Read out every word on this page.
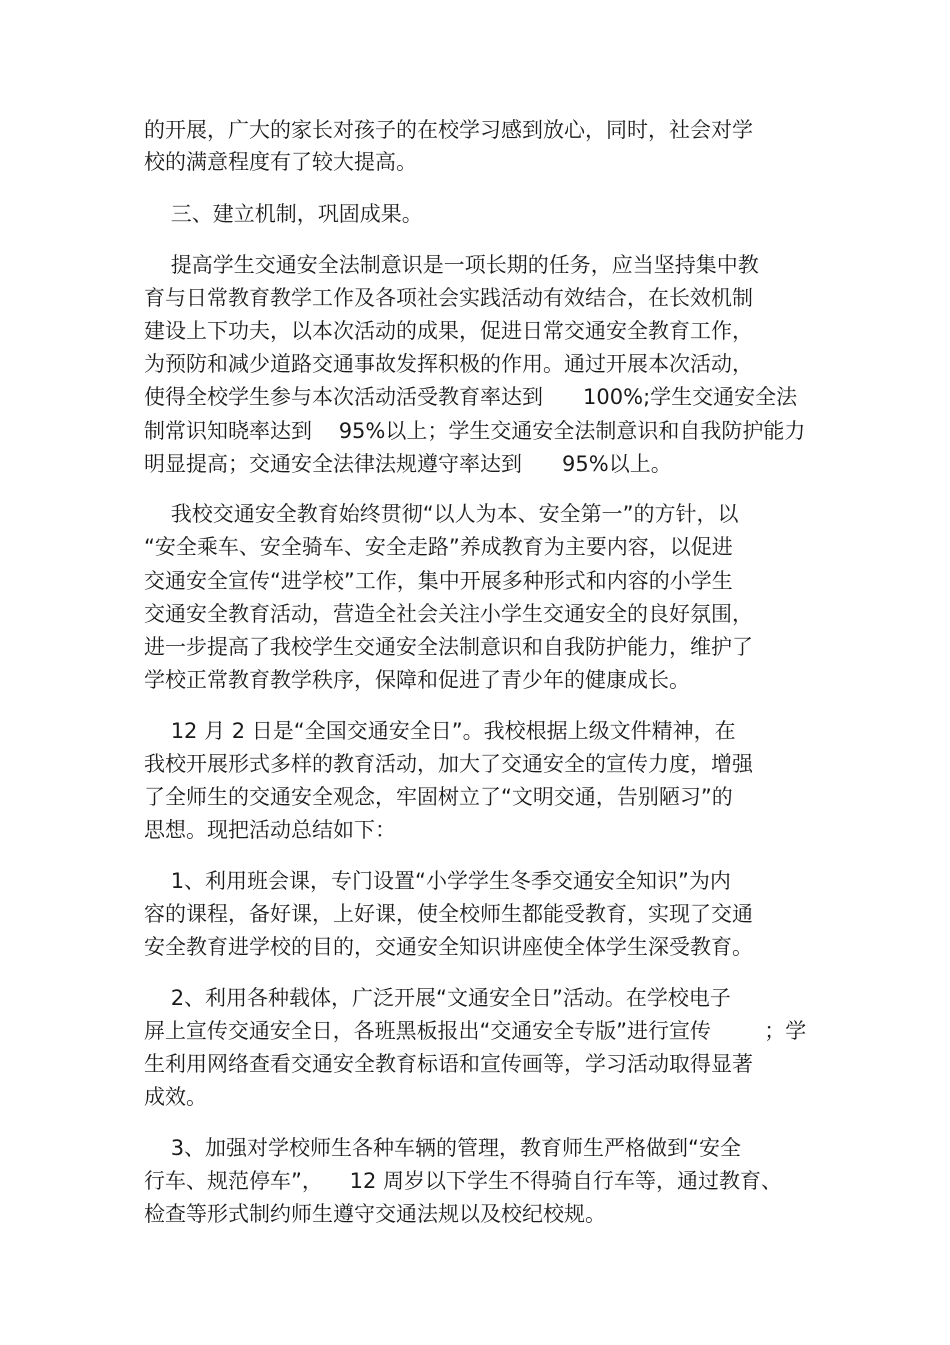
的开展，广大的家长对孩子的在校学习感到放心，同时，社会对学

校的满意程度有了较大提高。

三、建立机制，巩固成果。

提高学生交通安全法制意识是一项长期的任务，应当坚持集中教

育与日常教育教学工作及各项社会实践活动有效结合，在长效机制

建设上下功夫，以本次活动的成果，促进日常交通安全教育工作，

为预防和减少道路交通事故发挥积极的作用。通过开展本次活动，

使得全校学生参与本次活动活受教育率达到      100%;学生交通安全法

制常识知晓率达到    95%以上；学生交通安全法制意识和自我防护能力

明显提高；交通安全法律法规遵守率达到      95%以上。

我校交通安全教育始终贯彻“以人为本、安全第一”的方针，以

“安全乘车、安全骑车、安全走路”养成教育为主要内容，以促进

交通安全宣传“进学校”工作，集中开展多种形式和内容的小学生

交通安全教育活动，营造全社会关注小学生交通安全的良好氛围，

进一步提高了我校学生交通安全法制意识和自我防护能力，维护了

学校正常教育教学秩序，保障和促进了青少年的健康成长。

12 月 2 日是“全国交通安全日”。我校根据上级文件精神，在

我校开展形式多样的教育活动，加大了交通安全的宣传力度，增强

了全师生的交通安全观念，牢固树立了“文明交通，告别陋习”的

思想。现把活动总结如下：

1、利用班会课，专门设置“小学学生冬季交通安全知识”为内

容的课程，备好课，上好课，使全校师生都能受教育，实现了交通

安全教育进学校的目的，交通安全知识讲座使全体学生深受教育。

2、利用各种载体，广泛开展“文通安全日”活动。在学校电子

屏上宣传交通安全日，各班黑板报出“交通安全专版”进行宣传        ；学

生利用网络查看交通安全教育标语和宣传画等，学习活动取得显著

成效。

3、加强对学校师生各种车辆的管理，教育师生严格做到“安全

行车、规范停车”，    12 周岁以下学生不得骑自行车等，通过教育、

检查等形式制约师生遵守交通法规以及校纪校规。
